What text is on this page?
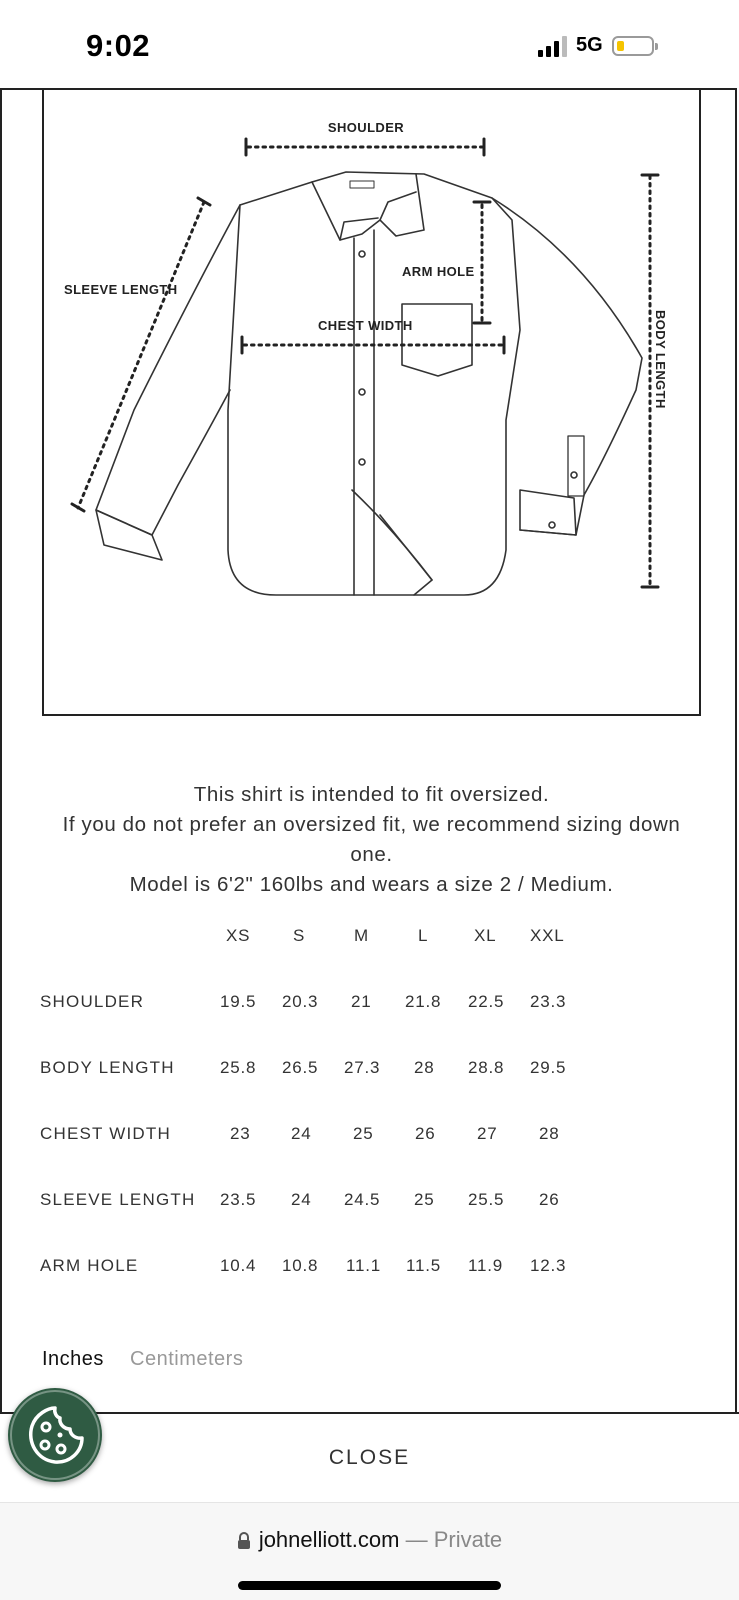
9:02	5G
SHOULDER
SLEEVE LENGTH
ARM HOLE
CHEST WIDTH	BODY LENGTH

This shirt is intended to fit oversized.

If you do not prefer an oversized fit, we recommend sizing down one.

Model is 6'2" 160lbs and wears a size 2 / Medium.

XS	S	M	L	XL XXL
SHOULDER	19.5 20.3 21 21.8 22.5 23.3
BODY LENGTH	25.8 26.5 27.3 28 28.8 29.5
CHEST WIDTH	23 24 25 26 27 28
SLEEVE LENGTH 23.5 24 24.5 25 25.5 26
ARM HOLE	10.4 10.8 11.1 11.5 11.9 12.3
Inches Centimeters
CLOSE
johnelliott.com — Private
